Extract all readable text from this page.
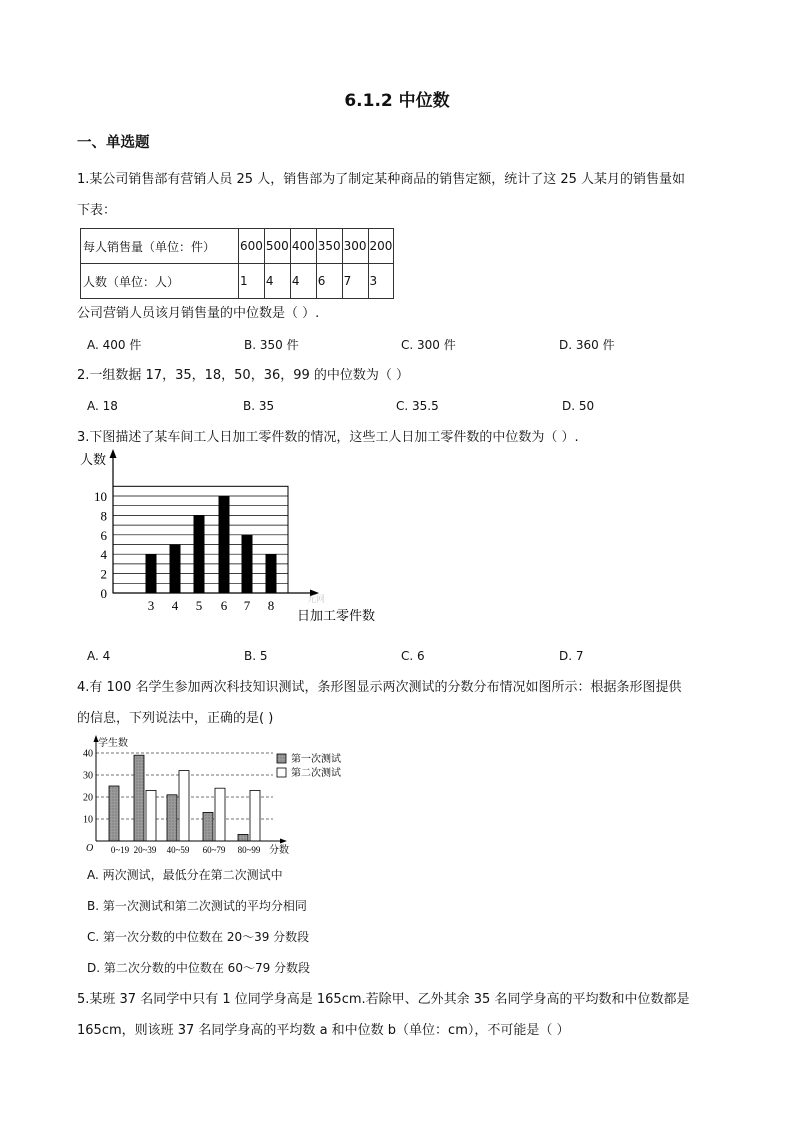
6.1.2 中位数
一、单选题
1.某公司销售部有营销人员 25 人，销售部为了制定某种商品的销售定额，统计了这 25 人某月的销售量如
下表：
每人销售量（单位：件）	600	500	400	350	300	200
人数（单位：人）	1	4	4	6	7	3
公司营销人员该月销售量的中位数是（ ）.
A. 400 件	B. 350 件	C. 300 件	D. 360 件
2.一组数据 17，35，18，50，36，99 的中位数为（ ）
A. 18	B. 35	C. 35.5	D. 50
3.下图描述了某车间工人日加工零件数的情况，这些工人日加工零件数的中位数为（ ）.
0
2
4
6
8
10
3 4 5 6 7 8
人数
日加工零件数
元网
A. 4	B. 5	C. 6	D. 7
4.有 100 名学生参加两次科技知识测试，条形图显示两次测试的分数分布情况如图所示：根据条形图提供
的信息，下列说法中，正确的是( )
10
20
30
40
0~19 20~39 40~59 60~79 80~99
学生数
分数
O
第一次测试
第二次测试
A. 两次测试，最低分在第二次测试中
B. 第一次测试和第二次测试的平均分相同
C. 第一次分数的中位数在 20～39 分数段
D. 第二次分数的中位数在 60～79 分数段
5.某班 37 名同学中只有 1 位同学身高是 165cm.若除甲、乙外其余 35 名同学身高的平均数和中位数都是
165cm，则该班 37 名同学身高的平均数 a 和中位数 b（单位：cm），不可能是（ ）
